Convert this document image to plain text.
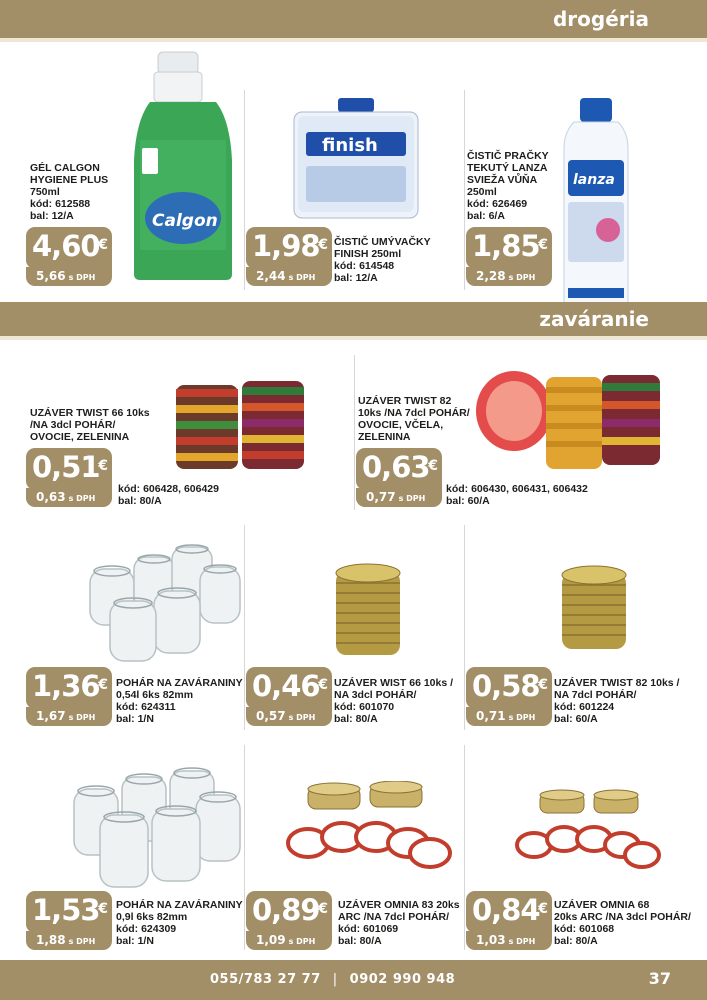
drogéria
Calgon
GÉL CALGON
HYGIENE PLUS
750ml
kód: 612588
bal: 12/A
4,60
€
5,66 s DPH
finish
1,98
€
2,44 s DPH
ČISTIČ UMÝVAČKY
FINISH 250ml
kód: 614548
bal: 12/A
lanza
ČISTIČ PRAČKY
TEKUTÝ LANZA
SVIEŽA VŮŇA
250ml
kód: 626469
bal: 6/A
1,85
€
2,28 s DPH
zaváranie
UZÁVER TWIST 66 10ks
/NA 3dcl POHÁR/
OVOCIE, ZELENINA
0,51
€
0,63 s DPH
kód: 606428, 606429
bal: 80/A
UZÁVER TWIST 82
10ks /NA 7dcl POHÁR/
OVOCIE, VČELA,
ZELENINA
0,63
€
0,77 s DPH
kód: 606430, 606431, 606432
bal: 60/A
1,36
€
1,67 s DPH
POHÁR NA ZAVÁRANINY
0,54l 6ks 82mm
kód: 624311
bal: 1/N
0,46
€
0,57 s DPH
UZÁVER WIST 66 10ks /
NA 3dcl POHÁR/
kód: 601070
bal: 80/A
0,58
€
0,71 s DPH
UZÁVER TWIST 82 10ks /
NA 7dcl POHÁR/
kód: 601224
bal: 60/A
1,53
€
1,88 s DPH
POHÁR NA ZAVÁRANINY
0,9l 6ks 82mm
kód: 624309
bal: 1/N
0,89
€
1,09 s DPH
UZÁVER OMNIA 83 20ks
ARC /NA 7dcl POHÁR/
kód: 601069
bal: 80/A
0,84
€
1,03 s DPH
UZÁVER OMNIA 68
20ks ARC /NA 3dcl POHÁR/
kód: 601068
bal: 80/A
055/783 27 77 | 0902 990 948	37
